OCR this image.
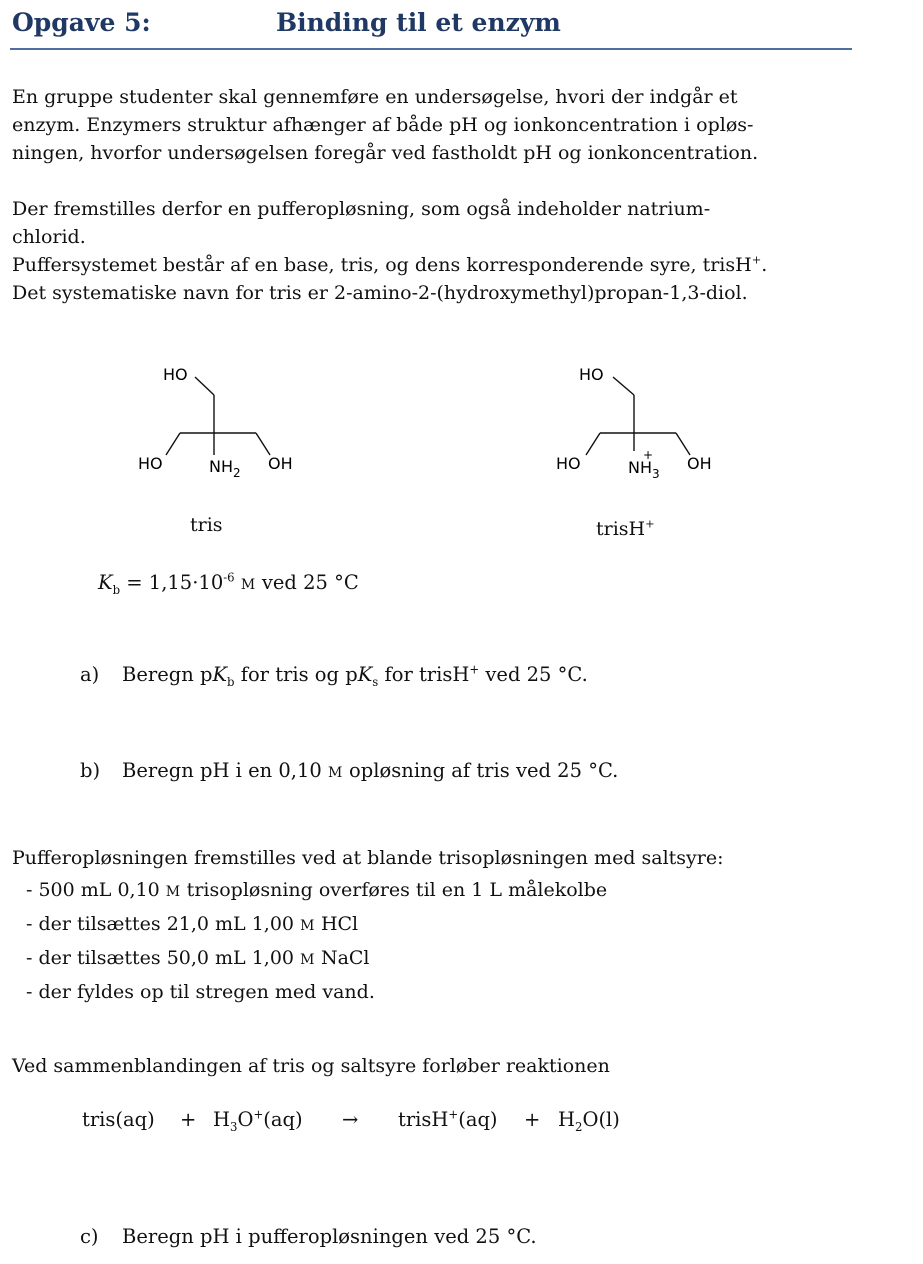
Opgave 5:	Binding til et enzym
En gruppe studenter skal gennemføre en undersøgelse, hvori der indgår et
enzym. Enzymers struktur afhænger af både pH og ionkoncentration i opløs-
ningen, hvorfor undersøgelsen foregår ved fastholdt pH og ionkoncentration.
Der fremstilles derfor en pufferopløsning, som også indeholder natrium-
chlorid.
Puffersystemet består af en base, tris, og dens korresponderende syre, trisH+.
Det systematiske navn for tris er 2-amino-2-(hydroxymethyl)propan-1,3-diol.
HO
HO	$NH_2$ OH
tris
HO
HO	$NH_3$
+ OH
trisH+
$K_b = 1,15\cdot 10^{-6}$ M ved 25 °C
a) Beregn $pK_b$ for tris og $pK_s$ for trisH+ ved 25 °C.
b) Beregn pH i en 0,10 M opløsning af tris ved 25 °C.
Pufferopløsningen fremstilles ved at blande trisopløsningen med saltsyre:
- 500 mL 0,10 M trisopløsning overføres til en 1 L målekolbe
- der tilsættes 21,0 mL 1,00 M HCl
- der tilsættes 50,0 mL 1,00 M NaCl
- der fyldes op til stregen med vand.
Ved sammenblandingen af tris og saltsyre forløber reaktionen
tris(aq) + $H_3O^+(aq)$ → trisH+(aq) + $H_2O(l)$
c) Beregn pH i pufferopløsningen ved 25 °C.
